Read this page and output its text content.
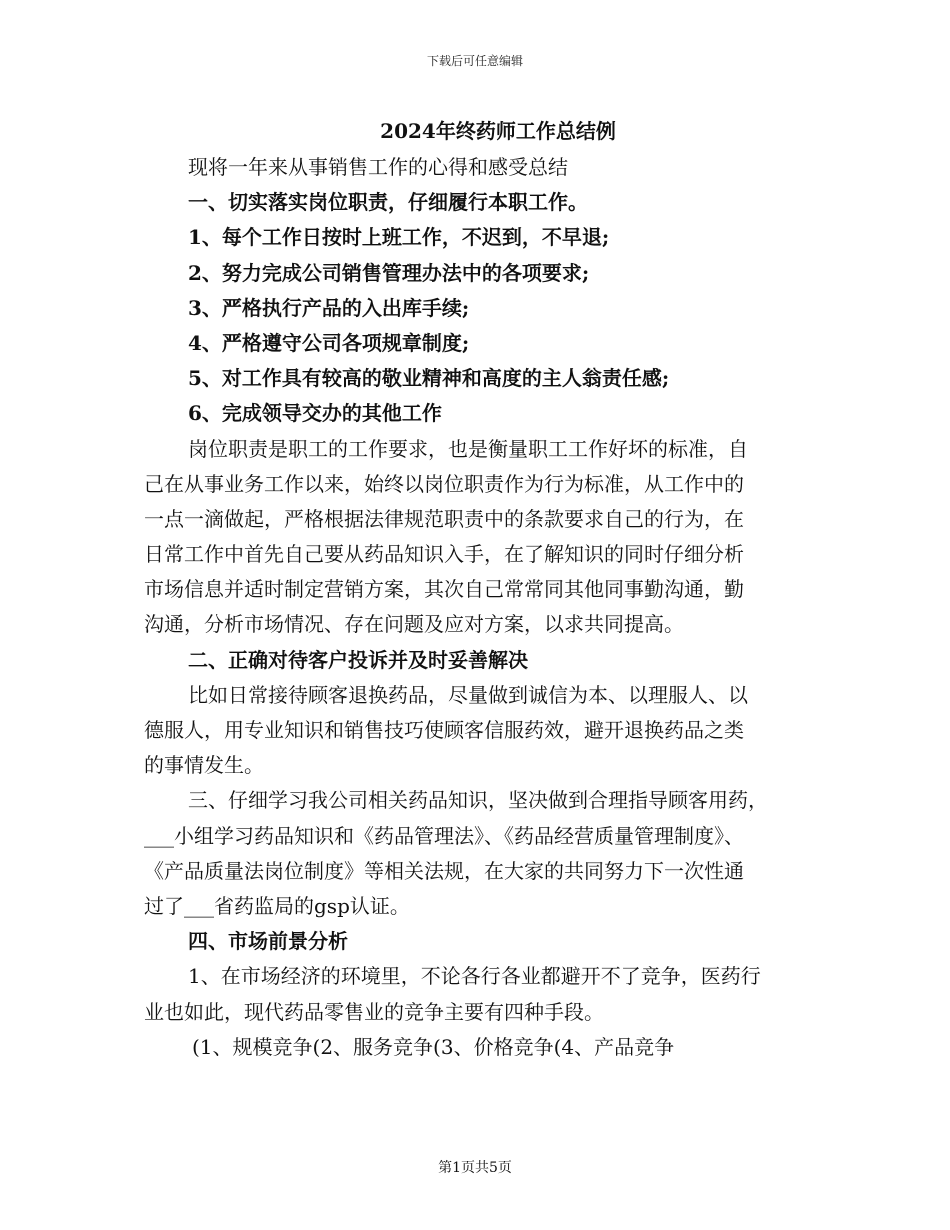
下载后可任意编辑
2024年终药师工作总结例
现将一年来从事销售工作的心得和感受总结
一、切实落实岗位职责，仔细履行本职工作。
1、每个工作日按时上班工作，不迟到，不早退;
2、努力完成公司销售管理办法中的各项要求;
3、严格执行产品的入出库手续;
4、严格遵守公司各项规章制度;
5、对工作具有较高的敬业精神和高度的主人翁责任感;
6、完成领导交办的其他工作
岗位职责是职工的工作要求，也是衡量职工工作好坏的标准，自
己在从事业务工作以来，始终以岗位职责作为行为标准，从工作中的
一点一滴做起，严格根据法律规范职责中的条款要求自己的行为，在
日常工作中首先自己要从药品知识入手，在了解知识的同时仔细分析
市场信息并适时制定营销方案，其次自己常常同其他同事勤沟通，勤
沟通，分析市场情况、存在问题及应对方案，以求共同提高。
二、正确对待客户投诉并及时妥善解决
比如日常接待顾客退换药品，尽量做到诚信为本、以理服人、以
德服人，用专业知识和销售技巧使顾客信服药效，避开退换药品之类
的事情发生。
三、仔细学习我公司相关药品知识，坚决做到合理指导顾客用药，
___小组学习药品知识和《药品管理法》、《药品经营质量管理制度》、
《产品质量法岗位制度》等相关法规，在大家的共同努力下一次性通
过了___省药监局的gsp认证。
四、市场前景分析
1、在市场经济的环境里，不论各行各业都避开不了竞争，医药行
业也如此，现代药品零售业的竞争主要有四种手段。
(1、规模竞争(2、服务竞争(3、价格竞争(4、产品竞争
第1页共5页
